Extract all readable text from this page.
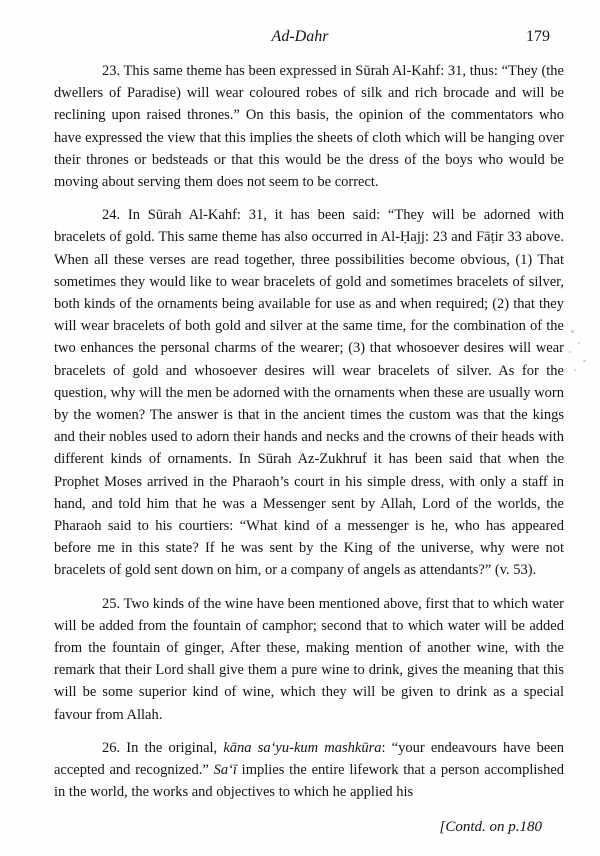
Ad-Dahr	179

23. This same theme has been expressed in Sūrah Al-Kahf: 31, thus: “They (the dwellers of Paradise) will wear coloured robes of silk and rich brocade and will be reclining upon raised thrones.” On this basis, the opinion of the commentators who have expressed the view that this implies the sheets of cloth which will be hanging over their thrones or bedsteads or that this would be the dress of the boys who would be moving about serving them does not seem to be correct.

24. In Sūrah Al-Kahf: 31, it has been said: “They will be adorned with bracelets of gold. This same theme has also occurred in Al-Ḥajj: 23 and Fāṭir 33 above. When all these verses are read together, three possibilities become obvious, (1) That sometimes they would like to wear bracelets of gold and sometimes bracelets of silver, both kinds of the ornaments being available for use as and when required; (2) that they will wear bracelets of both gold and silver at the same time, for the combination of the two enhances the personal charms of the wearer; (3) that whosoever desires will wear bracelets of gold and whosoever desires will wear bracelets of silver. As for the question, why will the men be adorned with the ornaments when these are usually worn by the women? The answer is that in the ancient times the custom was that the kings and their nobles used to adorn their hands and necks and the crowns of their heads with different kinds of ornaments. In Sūrah Az-Zukhruf it has been said that when the Prophet Moses arrived in the Pharaoh’s court in his simple dress, with only a staff in hand, and told him that he was a Messenger sent by Allah, Lord of the worlds, the Pharaoh said to his courtiers: “What kind of a messenger is he, who has appeared before me in this state? If he was sent by the King of the universe, why were not bracelets of gold sent down on him, or a company of angels as attendants?” (v. 53).

25. Two kinds of the wine have been mentioned above, first that to which water will be added from the fountain of camphor; second that to which water will be added from the fountain of ginger, After these, making mention of another wine, with the remark that their Lord shall give them a pure wine to drink, gives the meaning that this will be some superior kind of wine, which they will be given to drink as a special favour from Allah.

26. In the original, kāna sa‘yu-kum mashkūra: “your endeavours have been accepted and recognized.” Sa‘ī implies the entire lifework that a person accomplished in the world, the works and objectives to which he applied his

[Contd. on p.180
